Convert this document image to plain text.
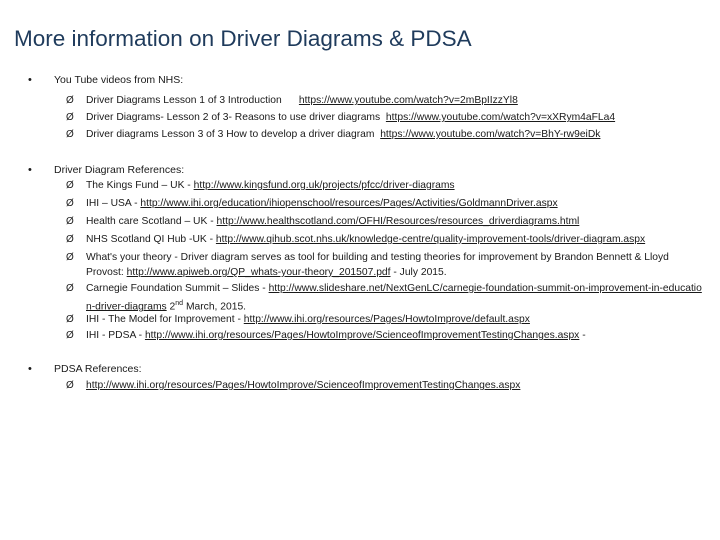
More information on Driver Diagrams & PDSA
• You Tube videos from NHS:
Ø Driver Diagrams Lesson 1 of 3 Introduction https://www.youtube.com/watch?v=2mBpIIzzYl8
Ø Driver Diagrams- Lesson 2 of 3- Reasons to use driver diagrams https://www.youtube.com/watch?v=xXRym4aFLa4
Ø Driver diagrams Lesson 3 of 3 How to develop a driver diagram https://www.youtube.com/watch?v=BhY-rw9eiDk
• Driver Diagram References:
Ø The Kings Fund – UK - http://www.kingsfund.org.uk/projects/pfcc/driver-diagrams
Ø IHI – USA - http://www.ihi.org/education/ihiopenschool/resources/Pages/Activities/GoldmannDriver.aspx
Ø Health care Scotland – UK - http://www.healthscotland.com/OFHI/Resources/resources_driverdiagrams.html
Ø NHS Scotland QI Hub -UK - http://www.qihub.scot.nhs.uk/knowledge-centre/quality-improvement-tools/driver-diagram.aspx
Ø What's your theory - Driver diagram serves as tool for building and testing theories for improvement by Brandon Bennett & Lloyd Provost: http://www.apiweb.org/QP_whats-your-theory_201507.pdf - July 2015.
Ø Carnegie Foundation Summit – Slides - http://www.slideshare.net/NextGenLC/carnegie-foundation-summit-on-improvement-in-education-driver-diagrams 2nd March, 2015.
Ø IHI - The Model for Improvement - http://www.ihi.org/resources/Pages/HowtoImprove/default.aspx
Ø IHI - PDSA - http://www.ihi.org/resources/Pages/HowtoImprove/ScienceofImprovementTestingChanges.aspx -
• PDSA References:
Ø http://www.ihi.org/resources/Pages/HowtoImprove/ScienceofImprovementTestingChanges.aspx
